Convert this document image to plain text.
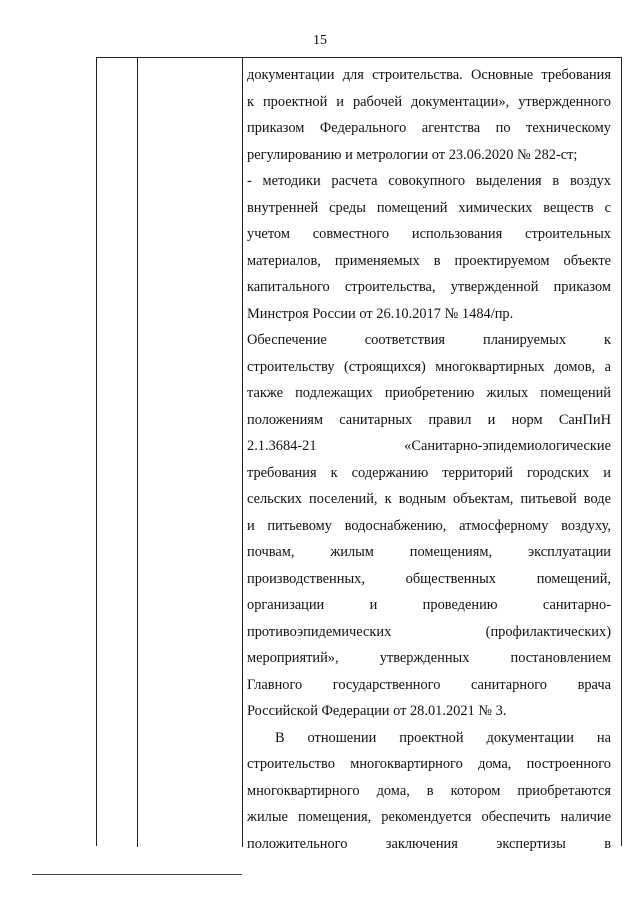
15

документации для строительства. Основные требования
к проектной и рабочей документации», утвержденного
приказом Федерального агентства по техническому
регулированию и метрологии от 23.06.2020 № 282-ст;

- методики расчета совокупного выделения в воздух
внутренней среды помещений химических веществ с
учетом совместного использования строительных
материалов, применяемых в проектируемом объекте
капитального строительства, утвержденной приказом
Минстроя России от 26.10.2017 № 1484/пр.

Обеспечение соответствия планируемых к
строительству (строящихся) многоквартирных домов, а
также подлежащих приобретению жилых помещений
положениям санитарных правил и норм СанПиН
2.1.3684-21 «Санитарно-эпидемиологические
требования к содержанию территорий городских и
сельских поселений, к водным объектам, питьевой воде
и питьевому водоснабжению, атмосферному воздуху,
почвам, жилым помещениям, эксплуатации
производственных, общественных помещений,
организации и проведению санитарно-
противоэпидемических (профилактических)
мероприятий», утвержденных постановлением
Главного государственного санитарного врача
Российской Федерации от 28.01.2021 № 3.

В отношении проектной документации на
строительство многоквартирного дома, построенного
многоквартирного дома, в котором приобретаются
жилые помещения, рекомендуется обеспечить наличие
положительного заключения экспертизы в
